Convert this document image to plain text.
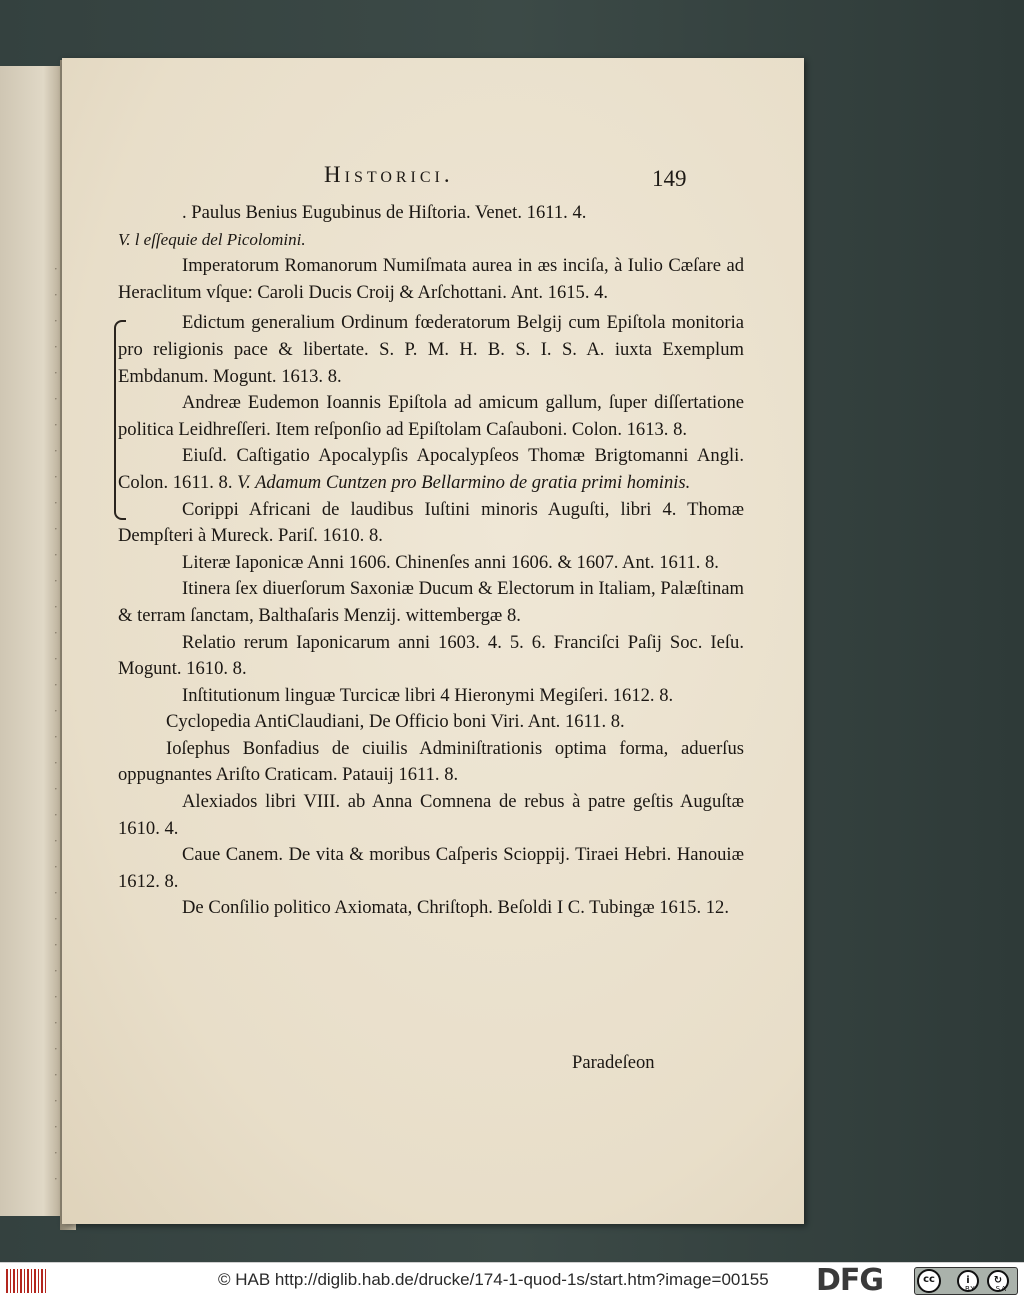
·
·
·
·
·
·
·
·
·
·
·
·
·
·
·
·
·
·
·
·
·
·
·
·
·
·
·
·
·
·
·
·
·
·
·
·

Historici.	149
. Paulus Benius Eugubinus de Hiſtoria. Venet. 1611. 4.
V. l eſſequie del Picolomini.
Imperatorum Romanorum Numiſmata aurea in æs inciſa, à Iulio Cæſare ad Heraclitum vſque: Caroli Ducis Croij & Arſchottani. Ant. 1615. 4.
Edictum generalium Ordinum fœderatorum Belgij cum Epiſtola monitoria pro religionis pace & libertate. S. P. M. H. B. S. I. S. A. iuxta Exemplum Embdanum. Mogunt. 1613. 8.
Andreæ Eudemon Ioannis Epiſtola ad amicum gallum, ſuper diſſertatione politica Leidhreſſeri. Item reſponſio ad Epiſtolam Caſauboni. Colon. 1613. 8.
Eiuſd. Caſtigatio Apocalypſis Apocalypſeos Thomæ Brigtomanni Angli. Colon. 1611. 8. V. Adamum Cuntzen pro Bellarmino de gratia primi hominis.
Corippi Africani de laudibus Iuſtini minoris Auguſti, libri 4. Thomæ Dempſteri à Mureck. Pariſ. 1610. 8.
Literæ Iaponicæ Anni 1606. Chinenſes anni 1606. & 1607. Ant. 1611. 8.
Itinera ſex diuerſorum Saxoniæ Ducum & Electorum in Italiam, Palæſtinam & terram ſanctam, Balthaſaris Menzij. wittembergæ 8.
Relatio rerum Iaponicarum anni 1603. 4. 5. 6. Franciſci Paſij Soc. Ieſu. Mogunt. 1610. 8.
Inſtitutionum linguæ Turcicæ libri 4 Hieronymi Megiſeri. 1612. 8.
Cyclopedia AntiClaudiani, De Officio boni Viri. Ant. 1611. 8.
Ioſephus Bonfadius de ciuilis Adminiſtrationis optima forma, aduerſus oppugnantes Ariſto Craticam. Patauij 1611. 8.
Alexiados libri VIII. ab Anna Comnena de rebus à patre geſtis Auguſtæ 1610. 4.
Caue Canem. De vita & moribus Caſperis Scioppij. Tiraei Hebri. Hanouiæ 1612. 8.
De Conſilio politico Axiomata, Chriſtoph. Beſoldi I C. Tubingæ 1615. 12.
Paradeſeon
© HAB http://diglib.hab.de/drucke/174-1-quod-1s/start.htm?image=00155 DFG	cc	i	↻
BY	SA
